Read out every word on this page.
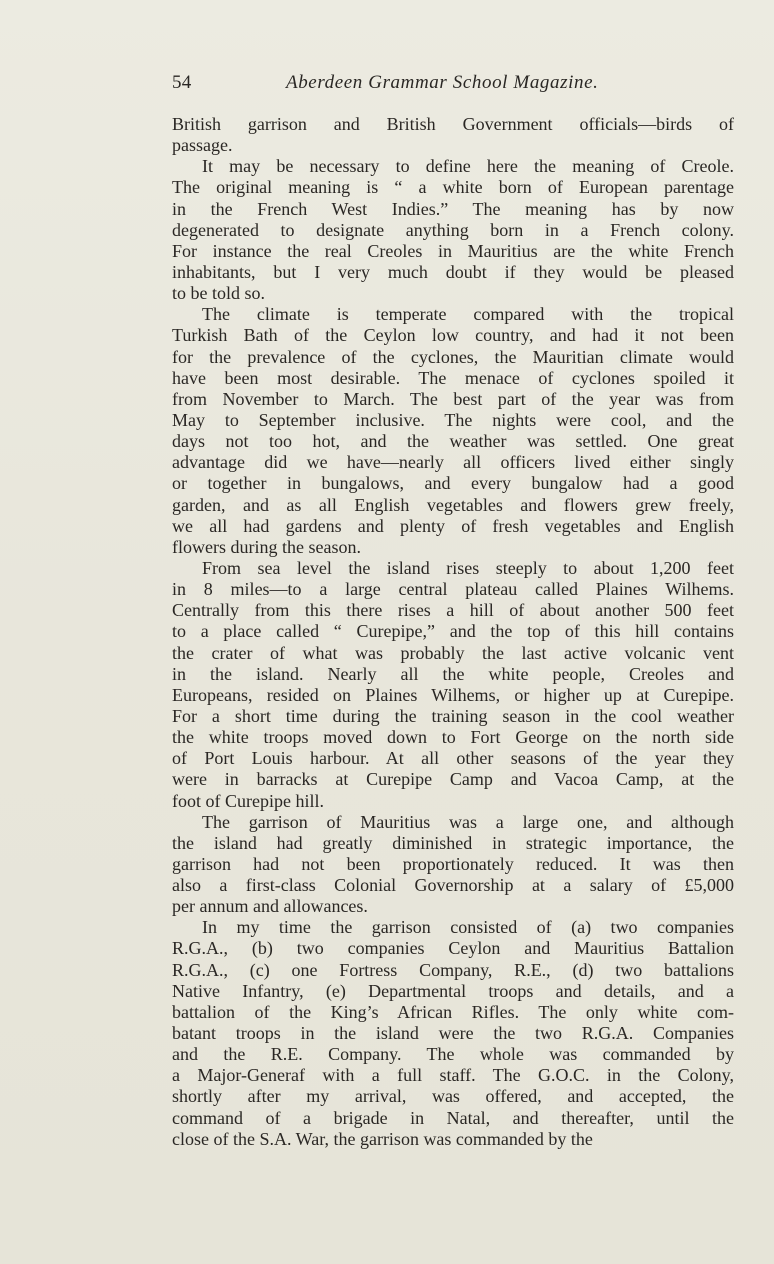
54	Aberdeen Grammar School Magazine.
British garrison and British Government officials—birds of
passage.
It may be necessary to define here the meaning of Creole.
The original meaning is “ a white born of European parentage
in the French West Indies.” The meaning has by now
degenerated to designate anything born in a French colony.
For instance the real Creoles in Mauritius are the white French
inhabitants, but I very much doubt if they would be pleased
to be told so.
The climate is temperate compared with the tropical
Turkish Bath of the Ceylon low country, and had it not been
for the prevalence of the cyclones, the Mauritian climate would
have been most desirable. The menace of cyclones spoiled it
from November to March. The best part of the year was from
May to September inclusive. The nights were cool, and the
days not too hot, and the weather was settled. One great
advantage did we have—nearly all officers lived either singly
or together in bungalows, and every bungalow had a good
garden, and as all English vegetables and flowers grew freely,
we all had gardens and plenty of fresh vegetables and English
flowers during the season.
From sea level the island rises steeply to about 1,200 feet
in 8 miles—to a large central plateau called Plaines Wilhems.
Centrally from this there rises a hill of about another 500 feet
to a place called “ Curepipe,” and the top of this hill contains
the crater of what was probably the last active volcanic vent
in the island. Nearly all the white people, Creoles and
Europeans, resided on Plaines Wilhems, or higher up at Curepipe.
For a short time during the training season in the cool weather
the white troops moved down to Fort George on the north side
of Port Louis harbour. At all other seasons of the year they
were in barracks at Curepipe Camp and Vacoa Camp, at the
foot of Curepipe hill.
The garrison of Mauritius was a large one, and although
the island had greatly diminished in strategic importance, the
garrison had not been proportionately reduced. It was then
also a first-class Colonial Governorship at a salary of £5,000
per annum and allowances.
In my time the garrison consisted of (a) two companies
R.G.A., (b) two companies Ceylon and Mauritius Battalion
R.G.A., (c) one Fortress Company, R.E., (d) two battalions
Native Infantry, (e) Departmental troops and details, and a
battalion of the King’s African Rifles. The only white com-
batant troops in the island were the two R.G.A. Companies
and the R.E. Company. The whole was commanded by
a Major-Generaf with a full staff. The G.O.C. in the Colony,
shortly after my arrival, was offered, and accepted, the
command of a brigade in Natal, and thereafter, until the
close of the S.A. War, the garrison was commanded by the
